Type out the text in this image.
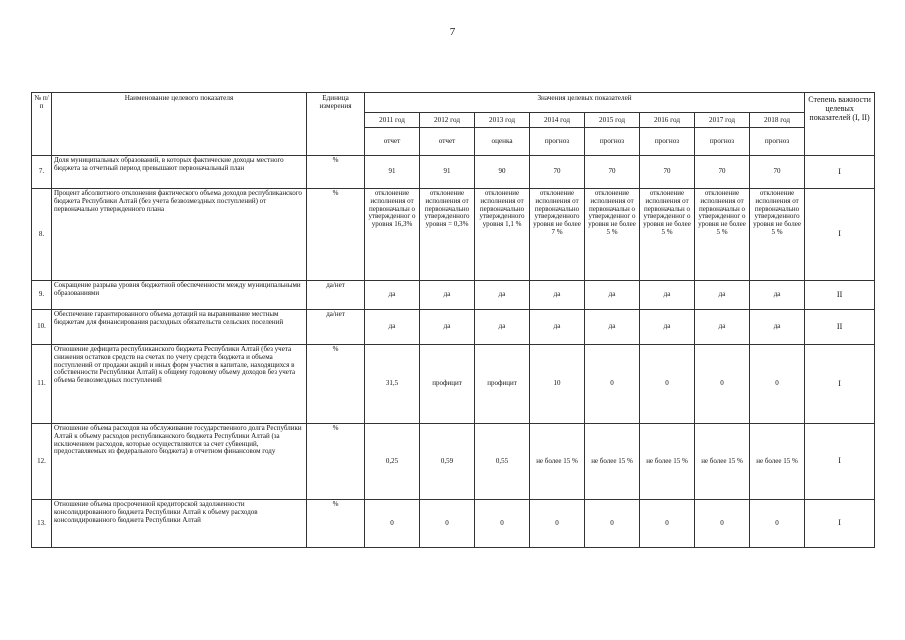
7
№ п/п	Наименование целевого показателя	Единица измерения	Значения целевых показателей								Степень важности целевых показателей (I, II)
			2011 год	2012 год	2013 год	2014 год	2015 год	2016 год	2017 год	2018 год	
			отчет	отчет	оценка	прогноз	прогноз	прогноз	прогноз	прогноз	
7.	Доля муниципальных образований, в которых фактические доходы местного бюджета за отчетный период превышают первоначальный план	%	91	91	90	70	70	70	70	70	I
8.	Процент абсолютного отклонения фактического объема доходов республиканского бюджета Республики Алтай (без учета безвозмездных поступлений) от первоначально утвержденного плана	%	отклонение исполнения от первоначальн о утвержденног о уровня 16,3%	отклонение исполнения от первоначально утвержденного уровня = 0,3%	отклонение исполнения от первоначально утвержденного уровня 1,1 %	отклонение исполнения от первоначально утвержденного уровня не более 7 %	отклонение исполнения от первоначальн о утвержденног о уровня не более 5 %	отклонение исполнения от первоначальн о утвержденног о уровня не более 5 %	отклонение исполнения от первоначальн о утвержденног о уровня не более 5 %	отклонение исполнения от первоначально утвержденного уровня не более 5 %	I
9.	Сокращение разрыва уровня бюджетной обеспеченности между муниципальными образованиями	да/нет	да	да	да	да	да	да	да	да	II
10.	Обеспечение гарантированного объема дотаций на выравнивание местным бюджетам для финансирования расходных обязательств сельских поселений	да/нет	да	да	да	да	да	да	да	да	II
11.	Отношение дефицита республиканского бюджета Республики Алтай (без учета снижения остатков средств на счетах по учету средств бюджета и объема поступлений от продажи акций и иных форм участия в капитале, находящихся в собственности Республики Алтай) к общему годовому объему доходов без учета объема безвозмездных поступлений	%	31,5	профицит	профицит	10	0	0	0	0	I
12.	Отношение объема расходов на обслуживание государственного долга Республики Алтай к объему расходов республиканского бюджета Республики Алтай (за исключением расходов, которые осуществляются за счет субвенций, предоставляемых из федерального бюджета) в отчетном финансовом году	%	0,25	0,59	0,55	не более 15 %	не более 15 %	не более 15 %	не более 15 %	не более 15 %	I
13.	Отношение объема просроченной кредиторской задолженности консолидированного бюджета Республики Алтай к объему расходов консолидированного бюджета Республики Алтай	%	0	0	0	0	0	0	0	0	I
